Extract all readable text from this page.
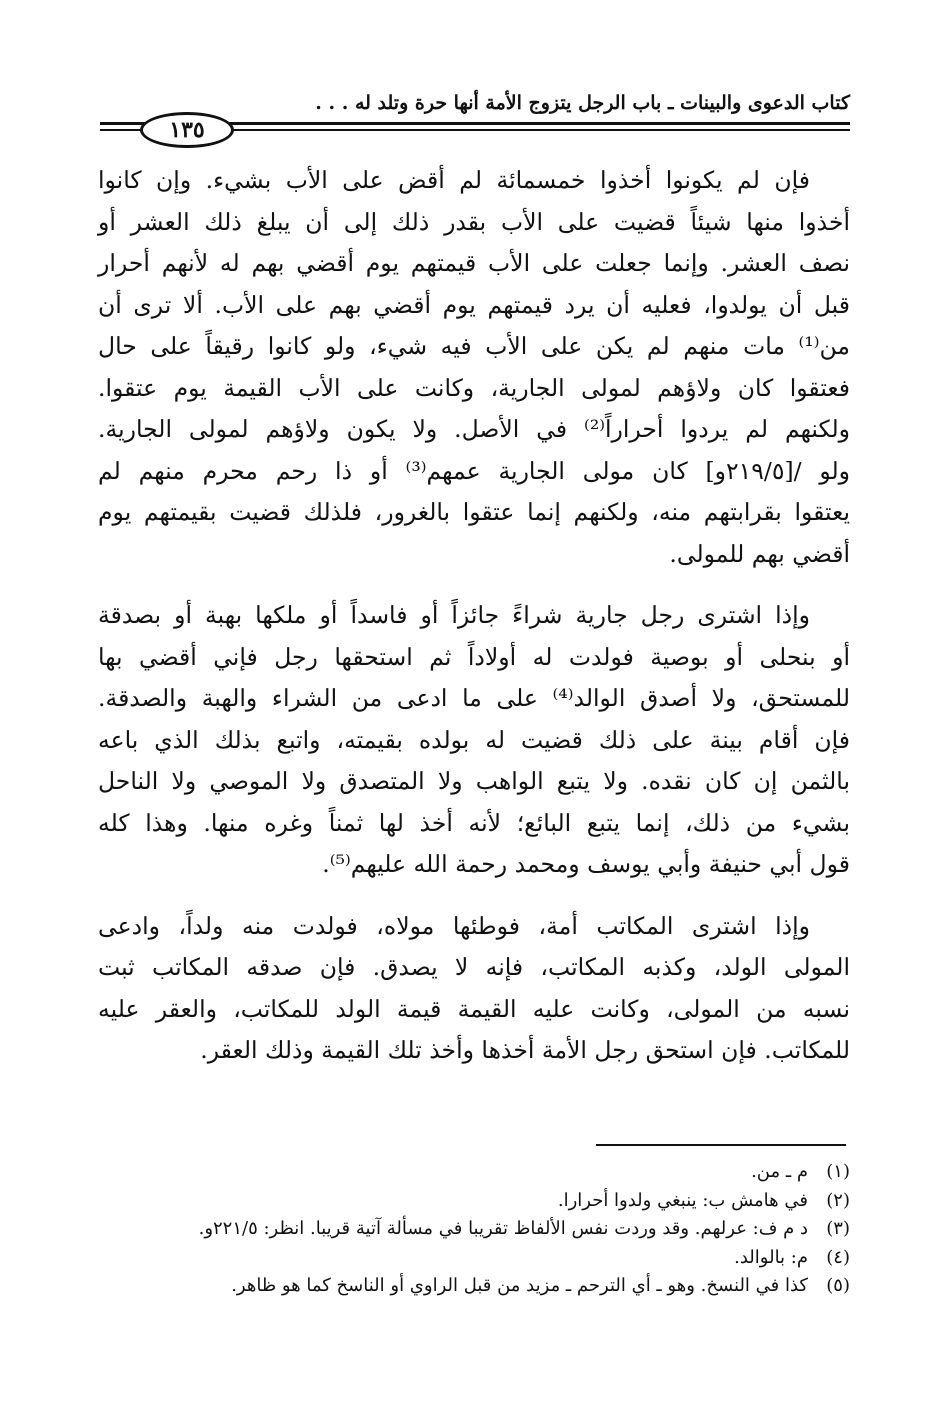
كتاب الدعوى والبينات ـ باب الرجل يتزوج الأمة أنها حرة وتلد له . . .
١٣٥
فإن لم يكونوا أخذوا خمسمائة لم أقض على الأب بشيء. وإن كانوا
أخذوا منها شيئاً قضيت على الأب بقدر ذلك إلى أن يبلغ ذلك العشر أو
نصف العشر. وإنما جعلت على الأب قيمتهم يوم أقضي بهم له لأنهم أحرار
قبل أن يولدوا، فعليه أن يرد قيمتهم يوم أقضي بهم على الأب. ألا ترى أن
من⁽¹⁾ مات منهم لم يكن على الأب فيه شيء، ولو كانوا رقيقاً على حال
فعتقوا كان ولاؤهم لمولى الجارية، وكانت على الأب القيمة يوم عتقوا.
ولكنهم لم يردوا أحراراً⁽²⁾ في الأصل. ولا يكون ولاؤهم لمولى الجارية.
ولو /[٢١٩/٥و] كان مولى الجارية عمهم⁽³⁾ أو ذا رحم محرم منهم لم
يعتقوا بقرابتهم منه، ولكنهم إنما عتقوا بالغرور، فلذلك قضيت بقيمتهم يوم
أقضي بهم للمولى.
وإذا اشترى رجل جارية شراءً جائزاً أو فاسداً أو ملكها بهبة أو بصدقة
أو بنحلى أو بوصية فولدت له أولاداً ثم استحقها رجل فإني أقضي بها
للمستحق، ولا أصدق الوالد⁽⁴⁾ على ما ادعى من الشراء والهبة والصدقة.
فإن أقام بينة على ذلك قضيت له بولده بقيمته، واتبع بذلك الذي باعه
بالثمن إن كان نقده. ولا يتبع الواهب ولا المتصدق ولا الموصي ولا الناحل
بشيء من ذلك، إنما يتبع البائع؛ لأنه أخذ لها ثمناً وغره منها. وهذا كله
قول أبي حنيفة وأبي يوسف ومحمد رحمة الله عليهم⁽⁵⁾.
وإذا اشترى المكاتب أمة، فوطئها مولاه، فولدت منه ولداً، وادعى
المولى الولد، وكذبه المكاتب، فإنه لا يصدق. فإن صدقه المكاتب ثبت
نسبه من المولى، وكانت عليه القيمة قيمة الولد للمكاتب، والعقر عليه
للمكاتب. فإن استحق رجل الأمة أخذها وأخذ تلك القيمة وذلك العقر.
(١)م ـ من.
(٢)في هامش ب: ينبغي ولدوا أحرارا.
(٣)د م ف: عرلهم. وقد وردت نفس الألفاظ تقريبا في مسألة آتية قريبا. انظر: ٢٢١/٥و.
(٤)م: بالوالد.
(٥)كذا في النسخ. وهو ـ أي الترحم ـ مزيد من قبل الراوي أو الناسخ كما هو ظاهر.
